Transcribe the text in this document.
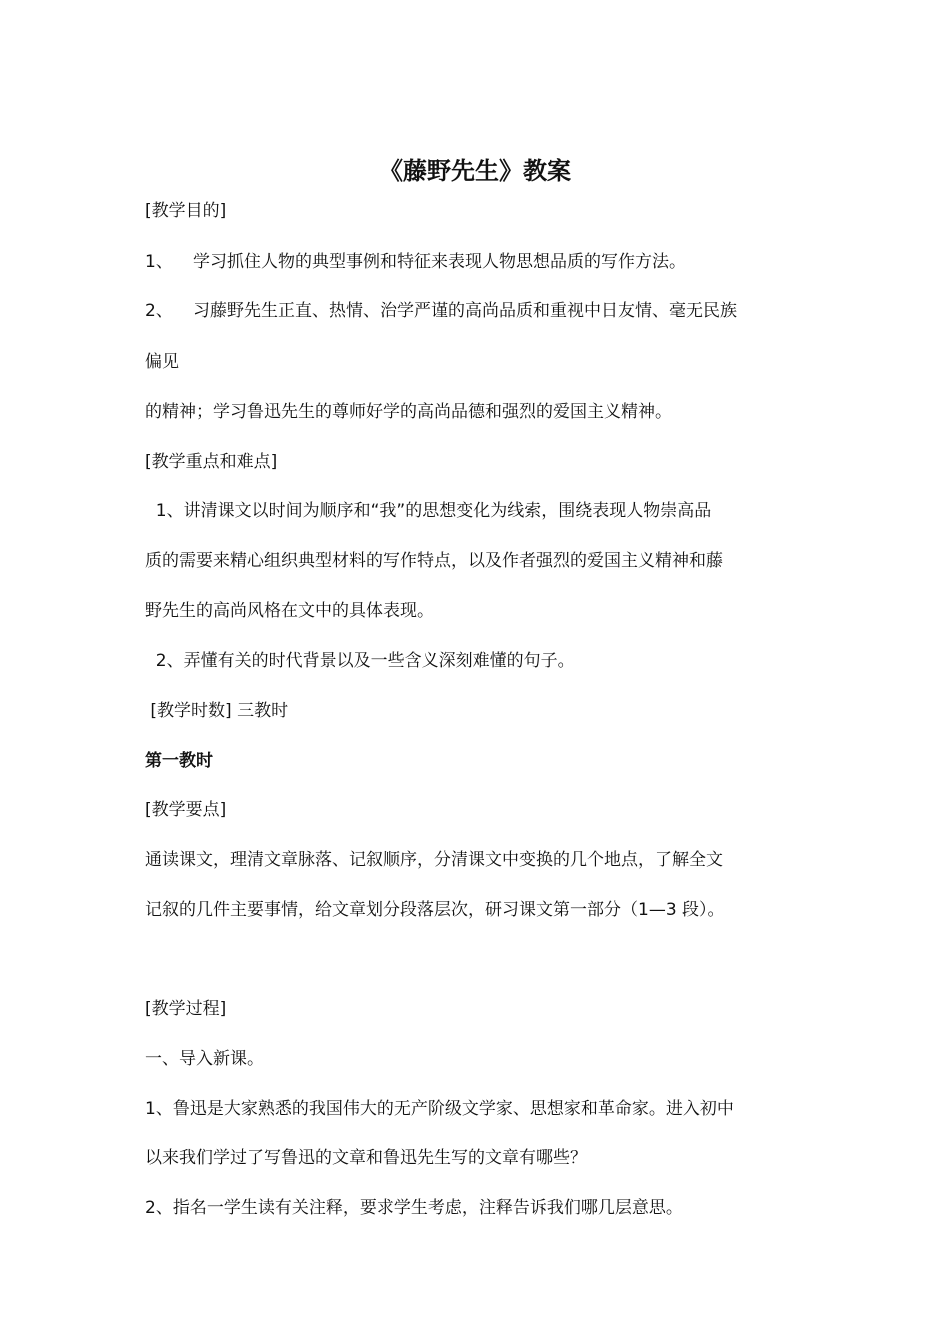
《藤野先生》教案
[教学目的]
1、 学习抓住人物的典型事例和特征来表现人物思想品质的写作方法。
2、 习藤野先生正直、热情、治学严谨的高尚品质和重视中日友情、毫无民族
偏见
的精神；学习鲁迅先生的尊师好学的高尚品德和强烈的爱国主义精神。
[教学重点和难点]
1、讲清课文以时间为顺序和“我”的思想变化为线索，围绕表现人物崇高品
质的需要来精心组织典型材料的写作特点，以及作者强烈的爱国主义精神和藤
野先生的高尚风格在文中的具体表现。
2、弄懂有关的时代背景以及一些含义深刻难懂的句子。
[教学时数] 三教时
第一教时
[教学要点]
通读课文，理清文章脉落、记叙顺序，分清课文中变换的几个地点，了解全文
记叙的几件主要事情，给文章划分段落层次，研习课文第一部分（1—3 段）。
[教学过程]
一、导入新课。
1、鲁迅是大家熟悉的我国伟大的无产阶级文学家、思想家和革命家。进入初中
以来我们学过了写鲁迅的文章和鲁迅先生写的文章有哪些？
2、指名一学生读有关注释，要求学生考虑，注释告诉我们哪几层意思。
